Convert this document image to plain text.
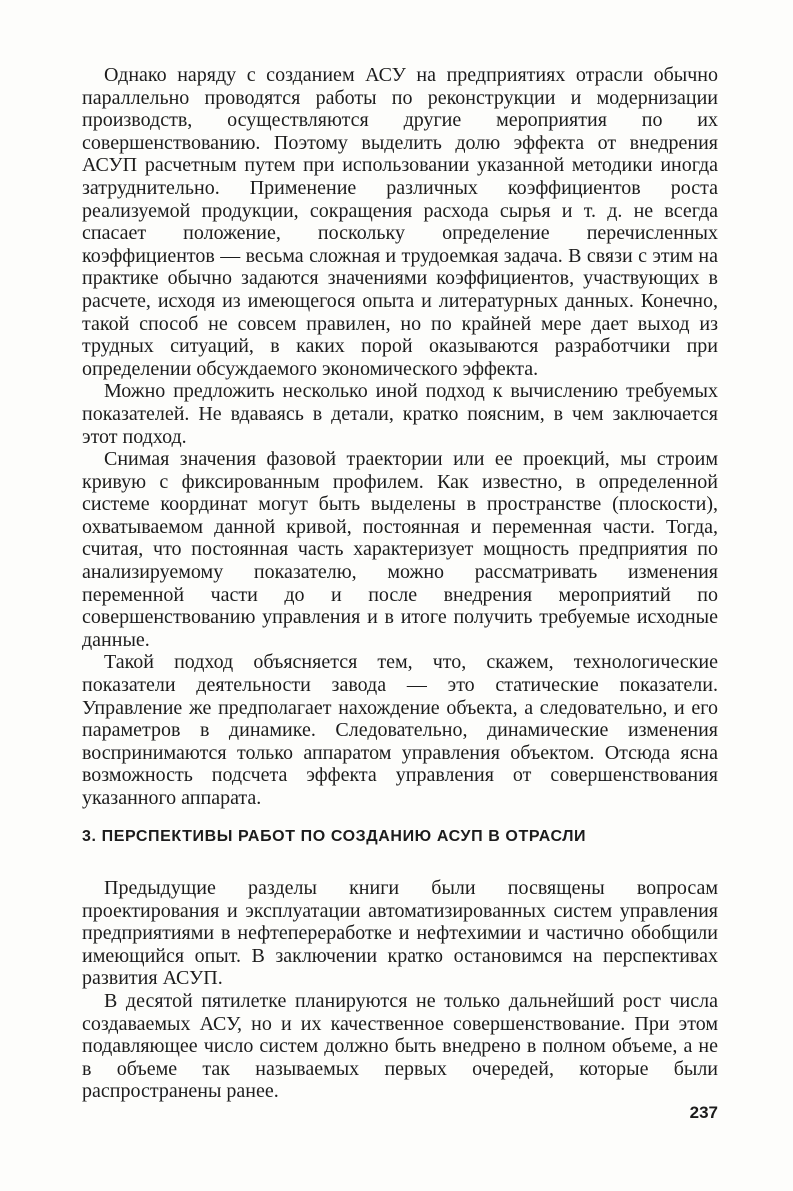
Однако наряду с созданием АСУ на предприятиях отрасли обычно параллельно проводятся работы по реконструкции и модернизации производств, осуществляются другие мероприятия по их совершенствованию. Поэтому выделить долю эффекта от внедрения АСУП расчетным путем при использовании указанной методики иногда затруднительно. Применение различных коэффициентов роста реализуемой продукции, сокращения расхода сырья и т. д. не всегда спасает положение, поскольку определение перечисленных коэффициентов — весьма сложная и трудоемкая задача. В связи с этим на практике обычно задаются значениями коэффициентов, участвующих в расчете, исходя из имеющегося опыта и литературных данных. Конечно, такой способ не совсем правилен, но по крайней мере дает выход из трудных ситуаций, в каких порой оказываются разработчики при определении обсуждаемого экономического эффекта.

Можно предложить несколько иной подход к вычислению требуемых показателей. Не вдаваясь в детали, кратко поясним, в чем заключается этот подход.

Снимая значения фазовой траектории или ее проекций, мы строим кривую с фиксированным профилем. Как известно, в определенной системе координат могут быть выделены в пространстве (плоскости), охватываемом данной кривой, постоянная и переменная части. Тогда, считая, что постоянная часть характеризует мощность предприятия по анализируемому показателю, можно рассматривать изменения переменной части до и после внедрения мероприятий по совершенствованию управления и в итоге получить требуемые исходные данные.

Такой подход объясняется тем, что, скажем, технологические показатели деятельности завода — это статические показатели. Управление же предполагает нахождение объекта, а следовательно, и его параметров в динамике. Следовательно, динамические изменения воспринимаются только аппаратом управления объектом. Отсюда ясна возможность подсчета эффекта управления от совершенствования указанного аппарата.

3. ПЕРСПЕКТИВЫ РАБОТ ПО СОЗДАНИЮ АСУП В ОТРАСЛИ

Предыдущие разделы книги были посвящены вопросам проектирования и эксплуатации автоматизированных систем управления предприятиями в нефтепереработке и нефтехимии и частично обобщили имеющийся опыт. В заключении кратко остановимся на перспективах развития АСУП.

В десятой пятилетке планируются не только дальнейший рост числа создаваемых АСУ, но и их качественное совершенствование. При этом подавляющее число систем должно быть внедрено в полном объеме, а не в объеме так называемых первых очередей, которые были распространены ранее.

237
